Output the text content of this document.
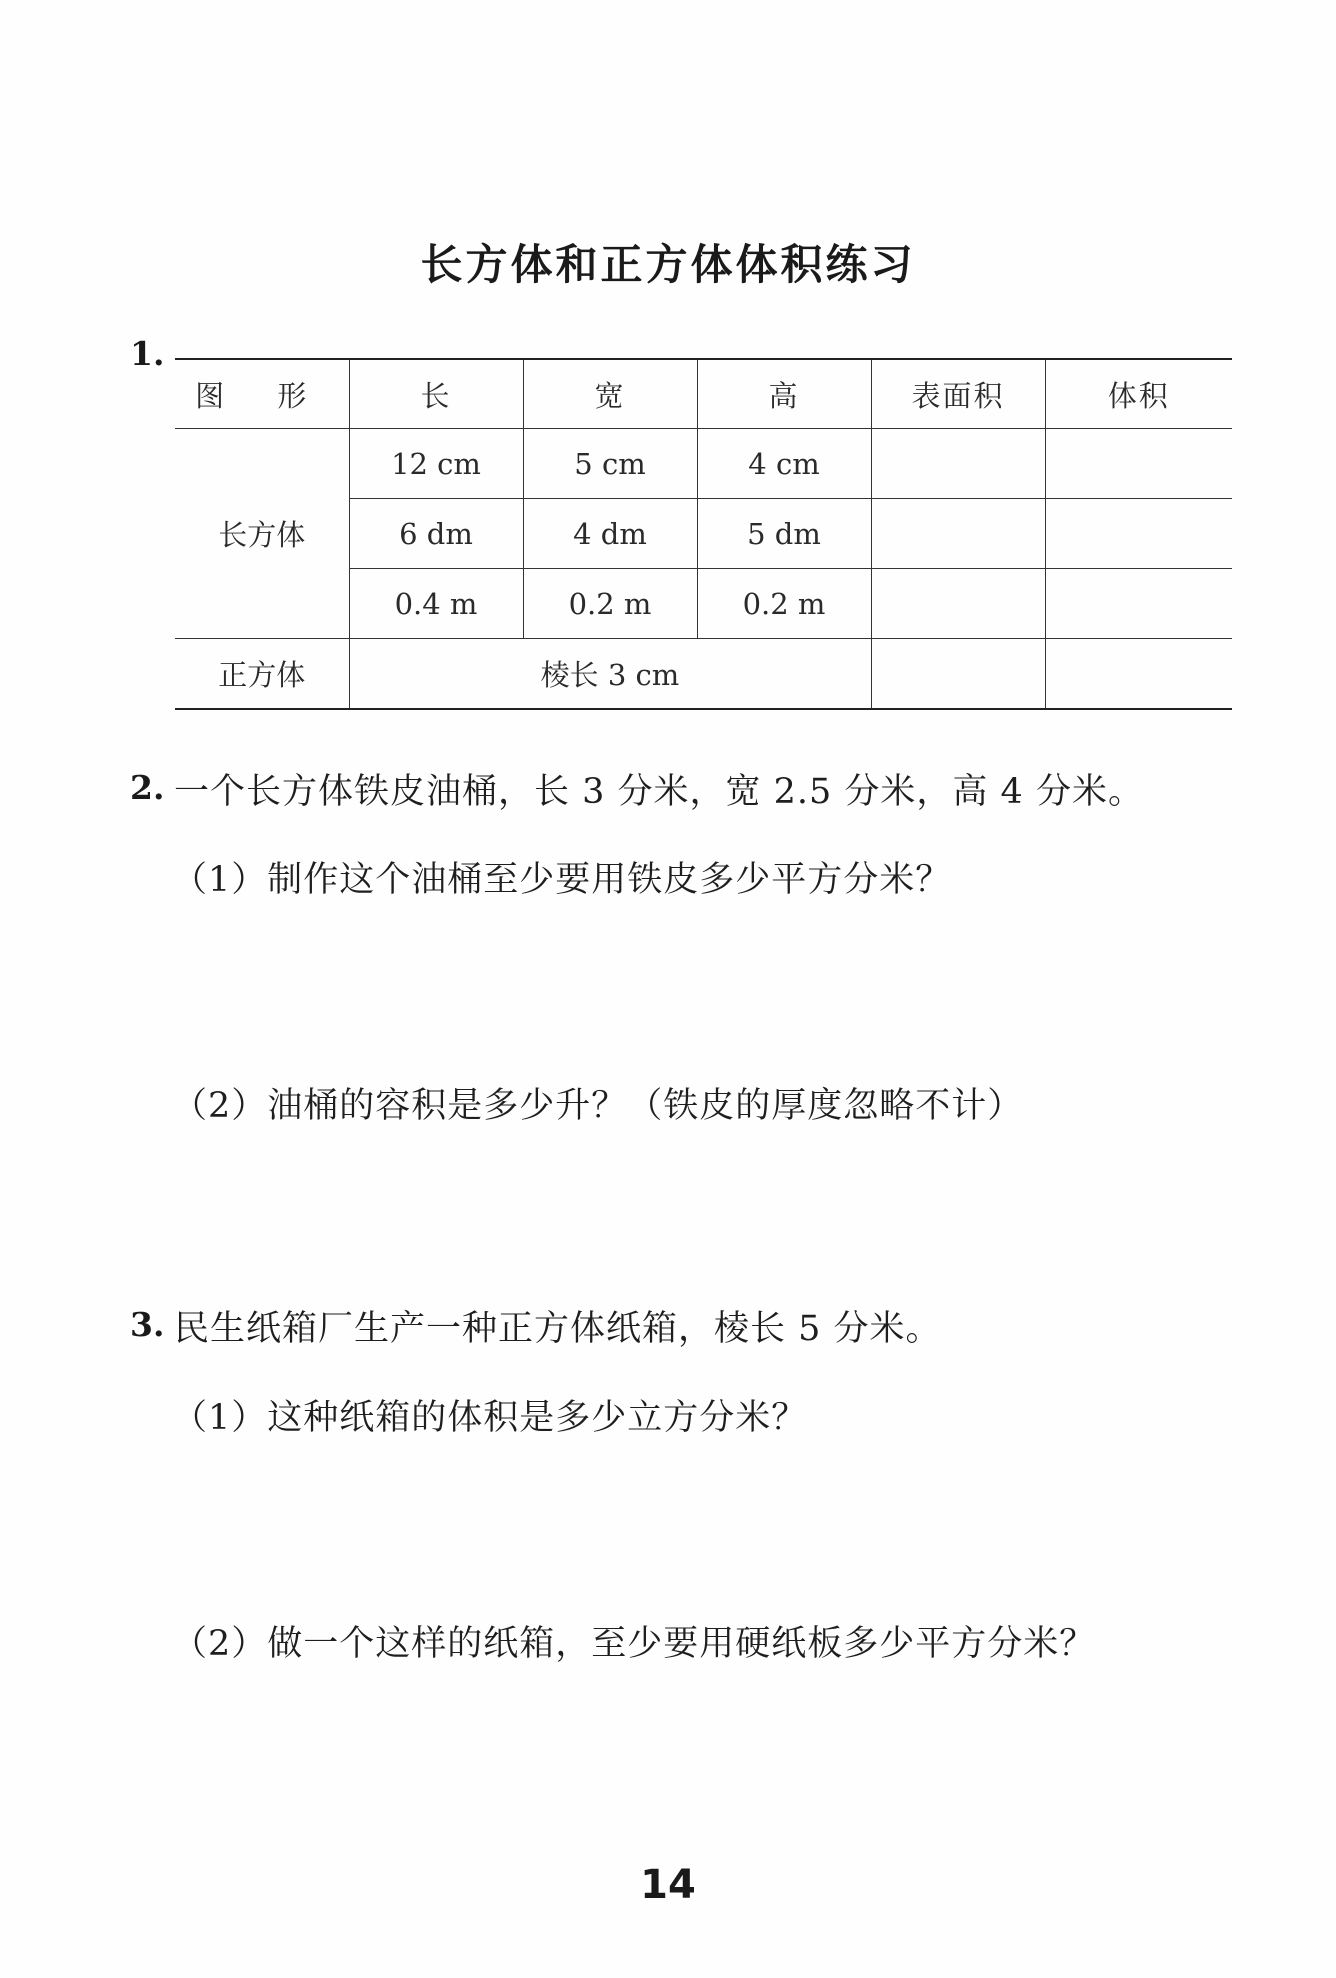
长方体和正方体体积练习
1.
图 形	长	宽	高	表面积	体积
长方体	12 cm	5 cm	4 cm		
	6 dm	4 dm	5 dm		
	0.4 m	0.2 m	0.2 m		
正方体	棱长 3 cm				
2. 一个长方体铁皮油桶，长 3 分米，宽 2.5 分米，高 4 分米。
（1）制作这个油桶至少要用铁皮多少平方分米？
（2）油桶的容积是多少升？（铁皮的厚度忽略不计）
3. 民生纸箱厂生产一种正方体纸箱，棱长 5 分米。
（1）这种纸箱的体积是多少立方分米？
（2）做一个这样的纸箱，至少要用硬纸板多少平方分米？
14
